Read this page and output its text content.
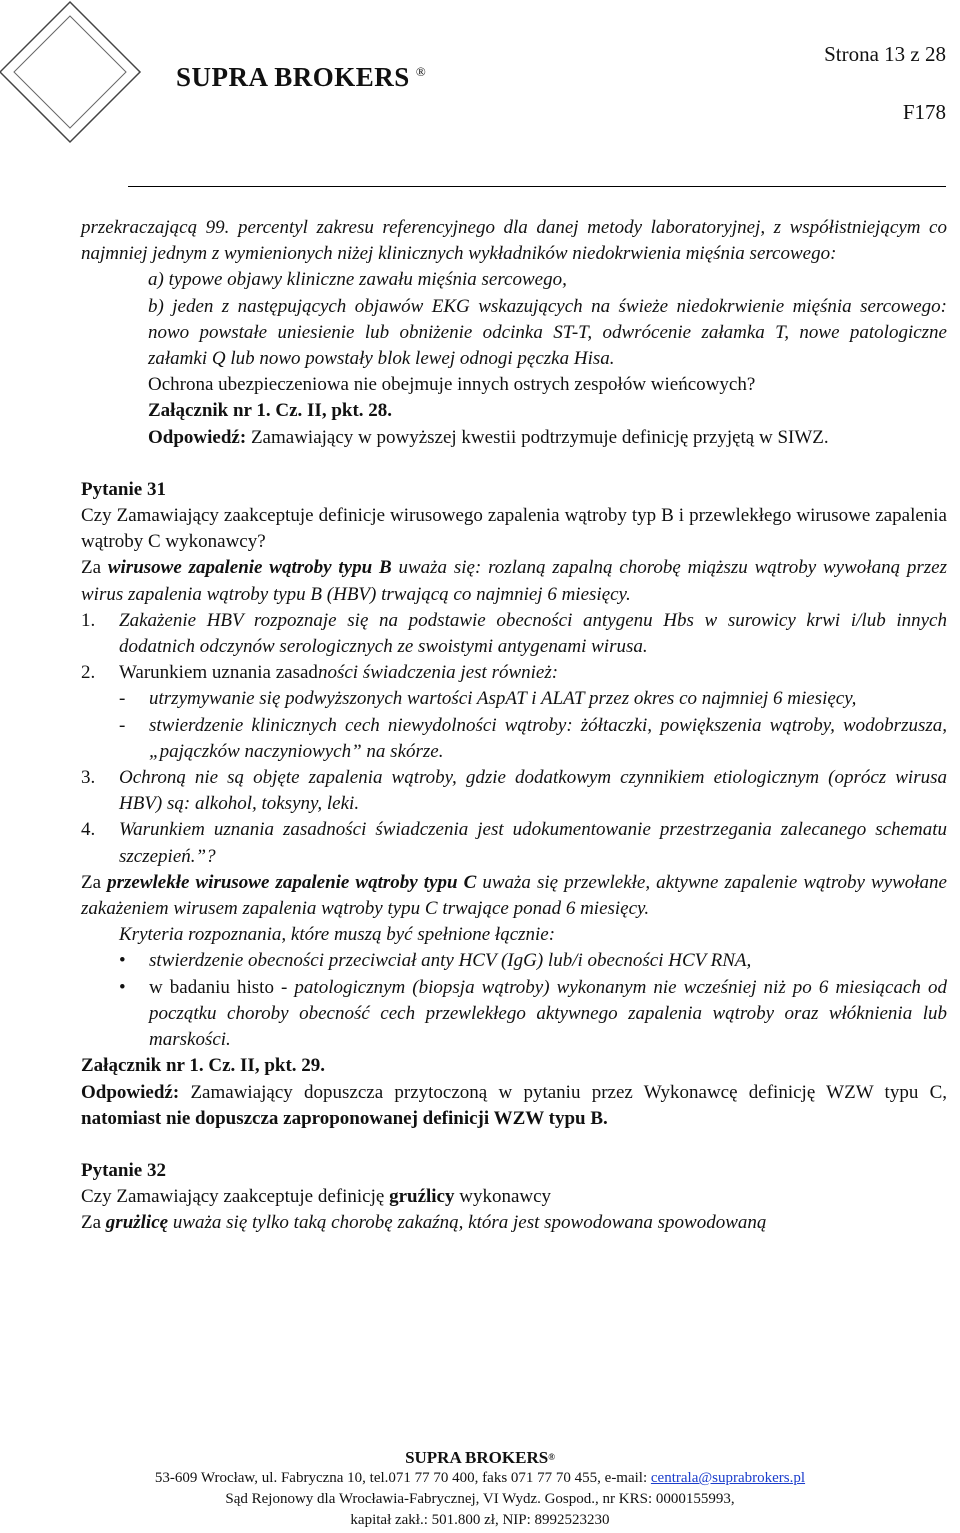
SUPRA BROKERS ®
Strona 13 z 28
F178

przekraczającą 99. percentyl zakresu referencyjnego dla danej metody laboratoryjnej, z współistniejącym co najmniej jednym z wymienionych niżej klinicznych wykładników niedokrwienia mięśnia sercowego:

a) typowe objawy kliniczne zawału mięśnia sercowego,

b) jeden z następujących objawów EKG wskazujących na świeże niedokrwienie mięśnia sercowego: nowo powstałe uniesienie lub obniżenie odcinka ST-T, odwrócenie załamka T, nowe patologiczne załamki Q lub nowo powstały blok lewej odnogi pęczka Hisa.

Ochrona ubezpieczeniowa nie obejmuje innych ostrych zespołów wieńcowych?

Załącznik nr 1. Cz. II, pkt. 28.

Odpowiedź: Zamawiający w powyższej kwestii podtrzymuje definicję przyjętą w SIWZ.

Pytanie 31

Czy Zamawiający zaakceptuje definicje wirusowego zapalenia wątroby typ B i przewlekłego wirusowe zapalenia wątroby C wykonawcy?

Za wirusowe zapalenie wątroby typu B uważa się: rozlaną zapalną chorobę miąższu wątroby wywołaną przez wirus zapalenia wątroby typu B (HBV) trwającą co najmniej 6 miesięcy.

1.	Zakażenie HBV rozpoznaje się na podstawie obecności antygenu Hbs w surowicy krwi i/lub innych dodatnich odczynów serologicznych ze swoistymi antygenami wirusa.
2.	Warunkiem uznania zasadności świadczenia jest również:
-	utrzymywanie się podwyższonych wartości AspAT i ALAT przez okres co najmniej 6 miesięcy,
-	stwierdzenie klinicznych cech niewydolności wątroby: żółtaczki, powiększenia wątroby, wodobrzusza, „pajączków naczyniowych” na skórze.
3.	Ochroną nie są objęte zapalenia wątroby, gdzie dodatkowym czynnikiem etiologicznym (oprócz wirusa HBV) są: alkohol, toksyny, leki.
4.	Warunkiem uznania zasadności świadczenia jest udokumentowanie przestrzegania zalecanego schematu szczepień.”?

Za przewlekłe wirusowe zapalenie wątroby typu C uważa się przewlekłe, aktywne zapalenie wątroby wywołane zakażeniem wirusem zapalenia wątroby typu C trwające ponad 6 miesięcy.

Kryteria rozpoznania, które muszą być spełnione łącznie:

•	stwierdzenie obecności przeciwciał anty HCV (IgG) lub/i obecności HCV RNA,
•	w badaniu histo - patologicznym (biopsja wątroby) wykonanym nie wcześniej niż po 6 miesiącach od początku choroby obecność cech przewlekłego aktywnego zapalenia wątroby oraz włóknienia lub marskości.

Załącznik nr 1. Cz. II, pkt. 29.

Odpowiedź: Zamawiający dopuszcza przytoczoną w pytaniu przez Wykonawcę definicję WZW typu C, natomiast nie dopuszcza zaproponowanej definicji WZW typu B.

Pytanie 32

Czy Zamawiający zaakceptuje definicję gruźlicy wykonawcy

Za grużlicę uważa się tylko taką chorobę zakaźną, która jest spowodowana spowodowaną

SUPRA BROKERS®
53-609 Wrocław, ul. Fabryczna 10, tel.071 77 70 400, faks 071 77 70 455, e-mail: centrala@suprabrokers.pl
Sąd Rejonowy dla Wrocławia-Fabrycznej, VI Wydz. Gospod., nr KRS: 0000155993,
kapitał zakł.: 501.800 zł, NIP: 8992523230
